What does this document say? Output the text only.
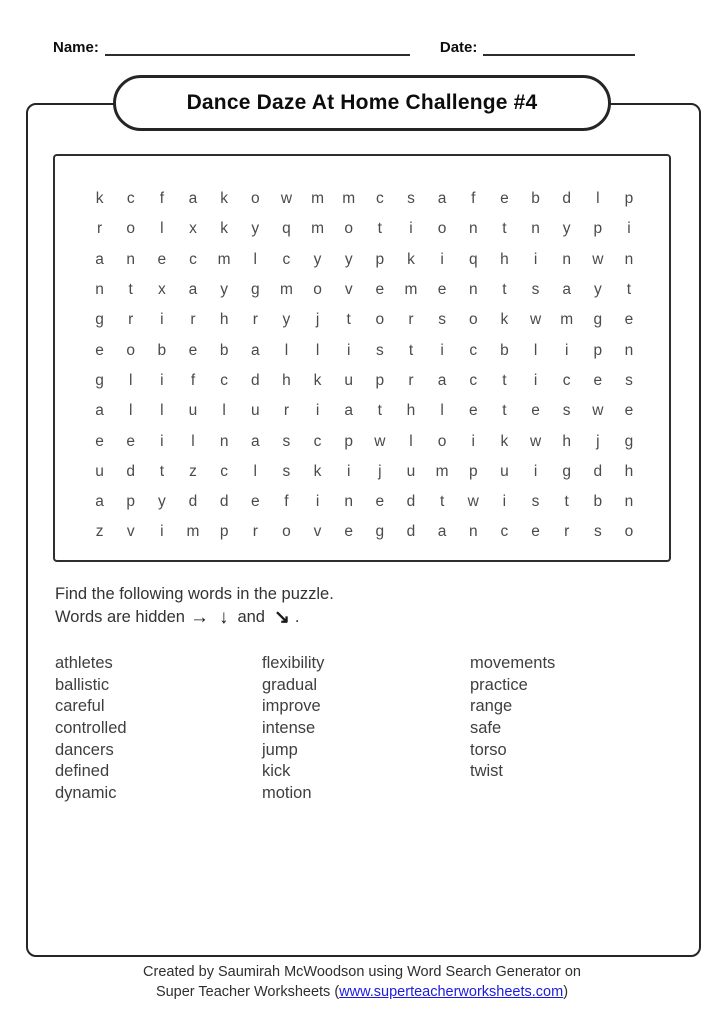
Name:	Date:
Dance Daze At Home Challenge #4
k	c	f	a	k	o	w	m	m	c	s	a	f	e	b	d	l	p
r	o	l	x	k	y	q	m	o	t	i	o	n	t	n	y	p	i
a	n	e	c	m	l	c	y	y	p	k	i	q	h	i	n	w	n
n	t	x	a	y	g	m	o	v	e	m	e	n	t	s	a	y	t
g	r	i	r	h	r	y	j	t	o	r	s	o	k	w	m	g	e
e	o	b	e	b	a	l	l	i	s	t	i	c	b	l	i	p	n
g	l	i	f	c	d	h	k	u	p	r	a	c	t	i	c	e	s
a	l	l	u	l	u	r	i	a	t	h	l	e	t	e	s	w	e
e	e	i	l	n	a	s	c	p	w	l	o	i	k	w	h	j	g
u	d	t	z	c	l	s	k	i	j	u	m	p	u	i	g	d	h
a	p	y	d	d	e	f	i	n	e	d	t	w	i	s	t	b	n
z	v	i	m	p	r	o	v	e	g	d	a	n	c	e	r	s	o
Find the following words in the puzzle.
Words are hidden → ↓ and ↘ .
athletes
ballistic
careful
controlled
dancers
defined
dynamic
flexibility
gradual
improve
intense
jump
kick
motion
movements
practice
range
safe
torso
twist
Created by Saumirah McWoodson using Word Search Generator on
Super Teacher Worksheets (www.superteacherworksheets.com)
